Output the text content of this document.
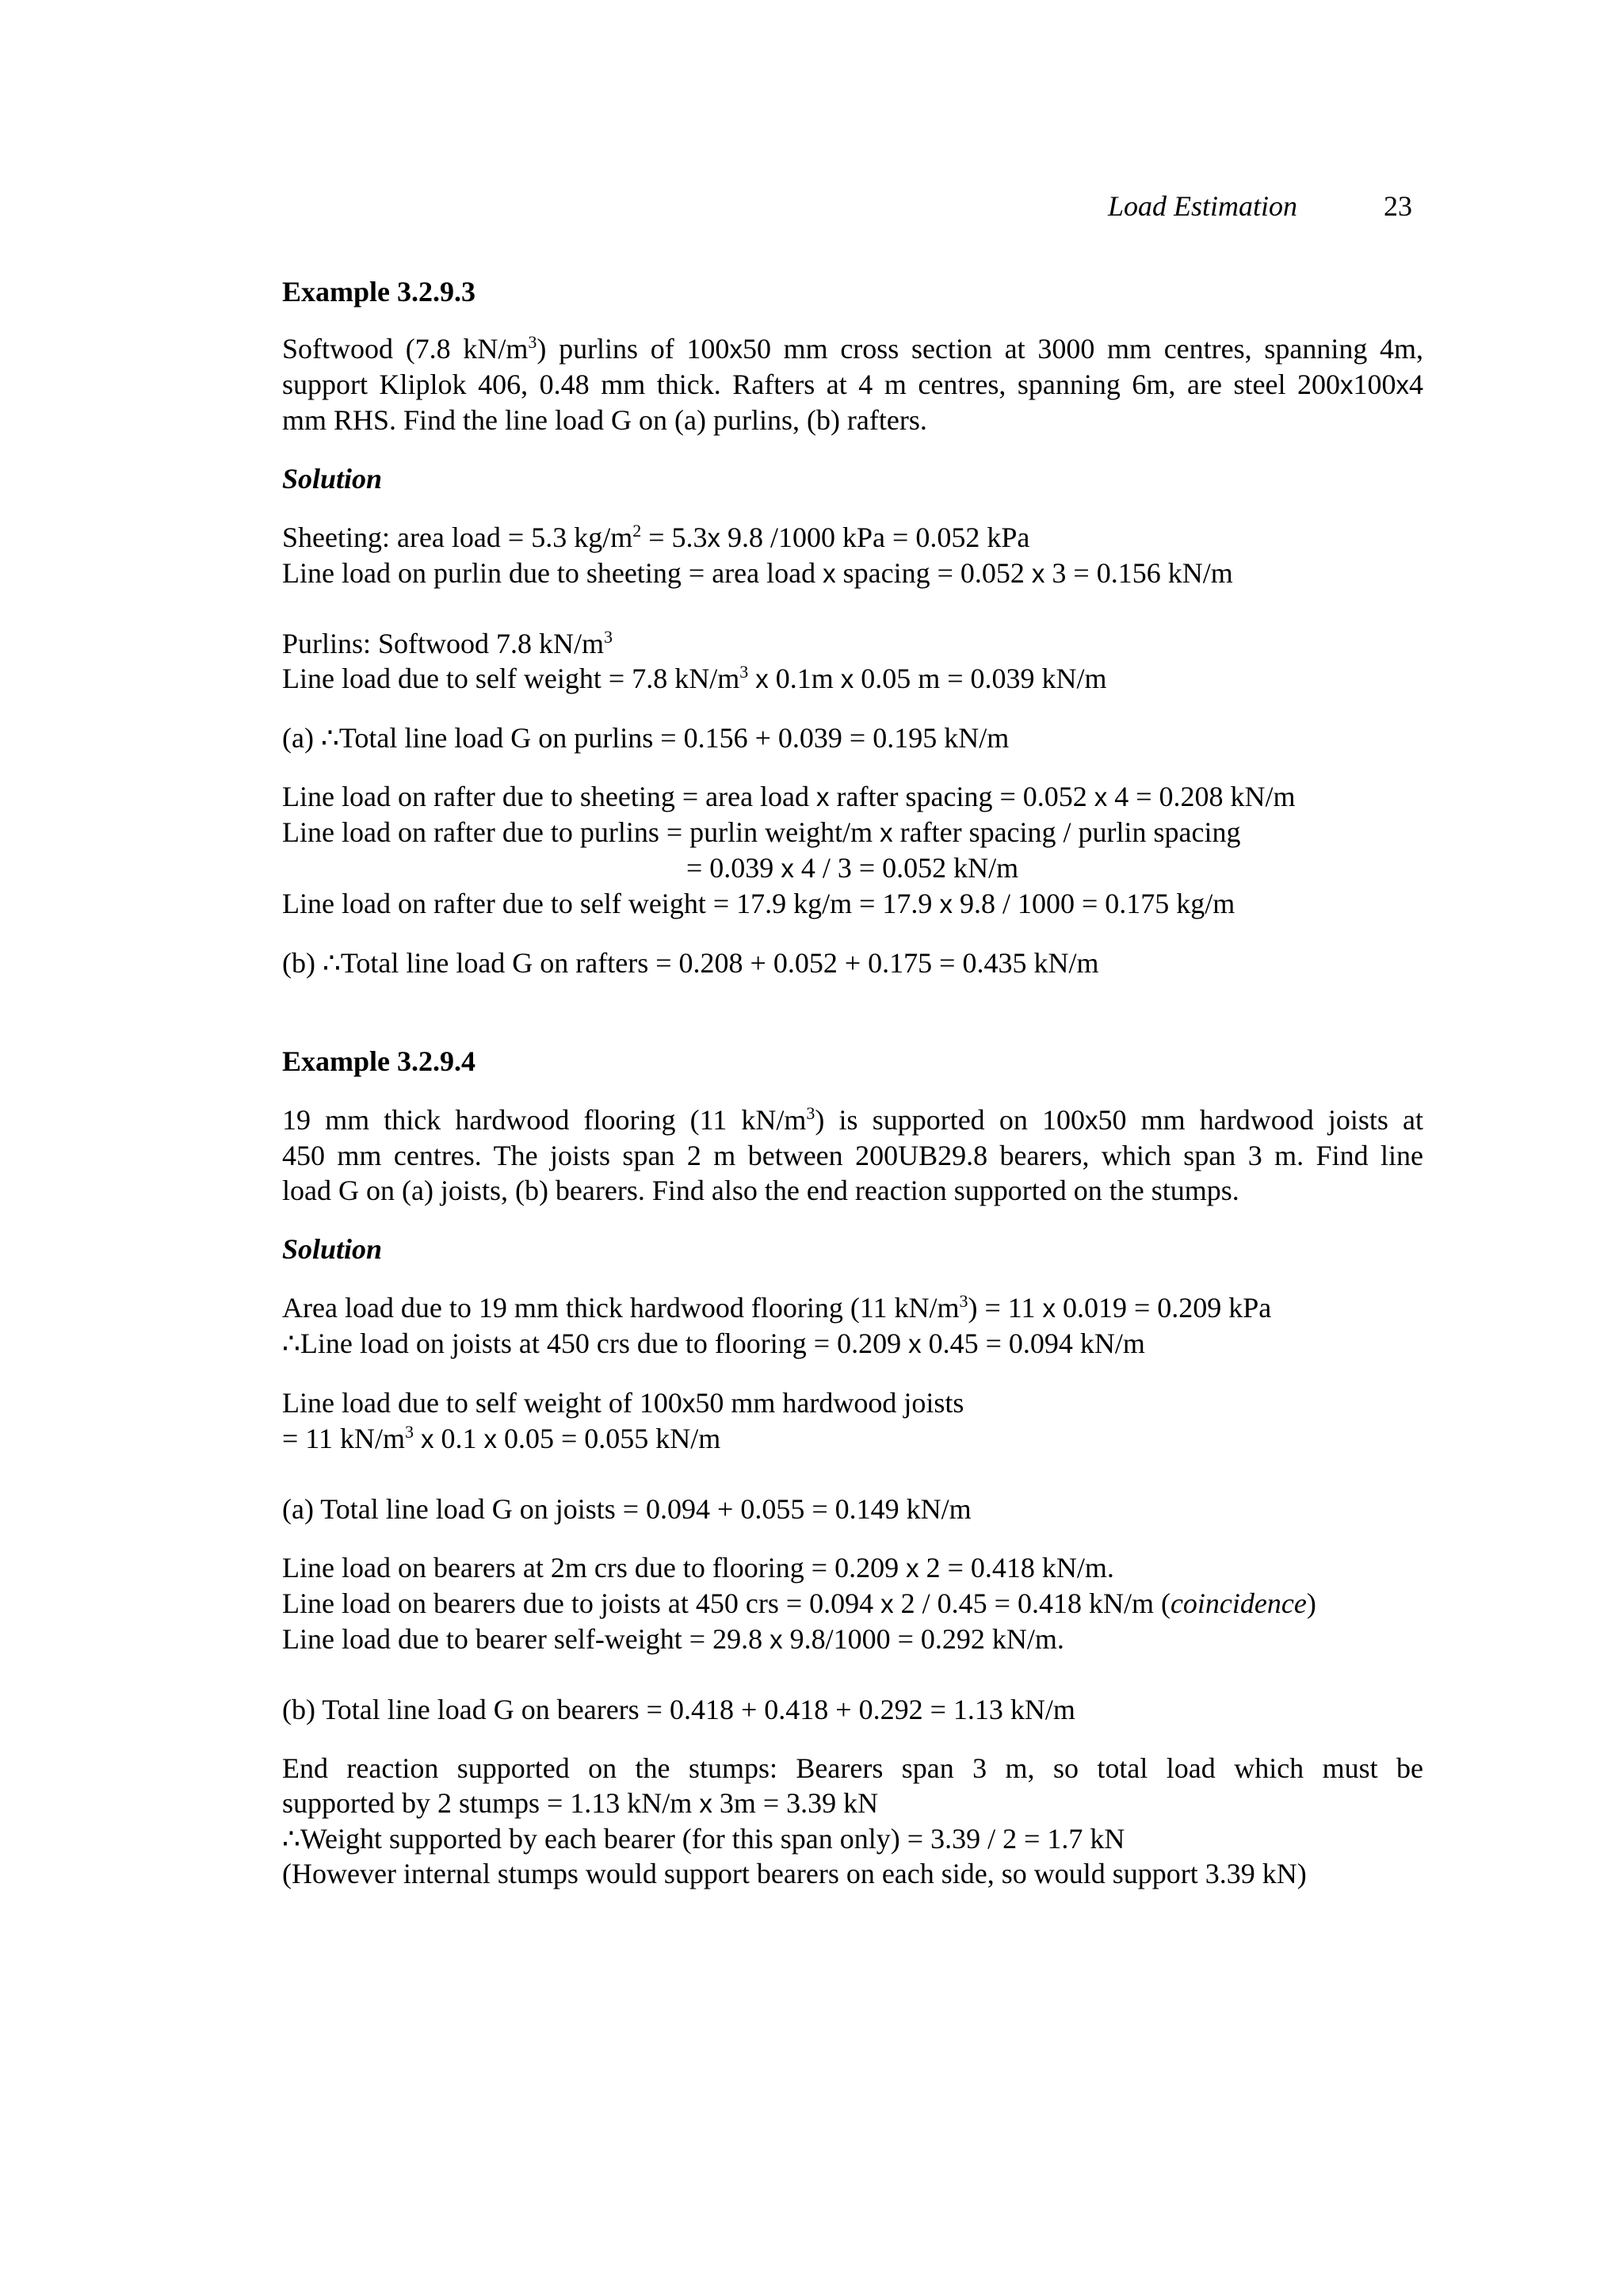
Load Estimation	23
Example 3.2.9.3
Softwood (7.8 $kN/m^3$) purlins of 100x50 mm cross section at 3000 mm centres, spanning 4m,
support Kliplok 406, 0.48 mm thick. Rafters at 4 m centres, spanning 6m, are steel 200x100x4
mm RHS. Find the line load G on (a) purlins, (b) rafters.
Solution
Sheeting: area load = 5.3 $kg/m^2 = 5.3x$ 9.8 /1000 kPa = 0.052 kPa
Line load on purlin due to sheeting = area load x spacing = 0.052 x 3 = 0.156 kN/m
Purlins: Softwood 7.8 $kN/m^3$
Line load due to self weight = 7.8 $kN/m^3$ x 0.1m x 0.05 m = 0.039 kN/m
(a) ∴Total line load G on purlins = 0.156 + 0.039 = 0.195 kN/m
Line load on rafter due to sheeting = area load x rafter spacing = 0.052 x 4 = 0.208 kN/m
Line load on rafter due to purlins = purlin weight/m x rafter spacing / purlin spacing
= 0.039 x 4 / 3 = 0.052 kN/m
Line load on rafter due to self weight = 17.9 kg/m = 17.9 x 9.8 / 1000 = 0.175 kg/m
(b) ∴Total line load G on rafters = 0.208 + 0.052 + 0.175 = 0.435 kN/m
Example 3.2.9.4
19 mm thick hardwood flooring (11 $kN/m^3$) is supported on 100x50 mm hardwood joists at
450 mm centres. The joists span 2 m between 200UB29.8 bearers, which span 3 m. Find line
load G on (a) joists, (b) bearers. Find also the end reaction supported on the stumps.
Solution
Area load due to 19 mm thick hardwood flooring (11 $kN/m^3) = 11$ x 0.019 = 0.209 kPa
∴Line load on joists at 450 crs due to flooring = 0.209 x 0.45 = 0.094 kN/m
Line load due to self weight of 100x50 mm hardwood joists
= 11 $kN/m^3$ x 0.1 x 0.05 = 0.055 kN/m
(a) Total line load G on joists = 0.094 + 0.055 = 0.149 kN/m
Line load on bearers at 2m crs due to flooring = 0.209 x 2 = 0.418 kN/m.
Line load on bearers due to joists at 450 crs = 0.094 x 2 / 0.45 = 0.418 kN/m (coincidence)
Line load due to bearer self-weight = 29.8 x 9.8/1000 = 0.292 kN/m.
(b) Total line load G on bearers = 0.418 + 0.418 + 0.292 = 1.13 kN/m
End reaction supported on the stumps: Bearers span 3 m, so total load which must be
supported by 2 stumps = 1.13 kN/m x 3m = 3.39 kN
∴Weight supported by each bearer (for this span only) = 3.39 / 2 = 1.7 kN
(However internal stumps would support bearers on each side, so would support 3.39 kN)
